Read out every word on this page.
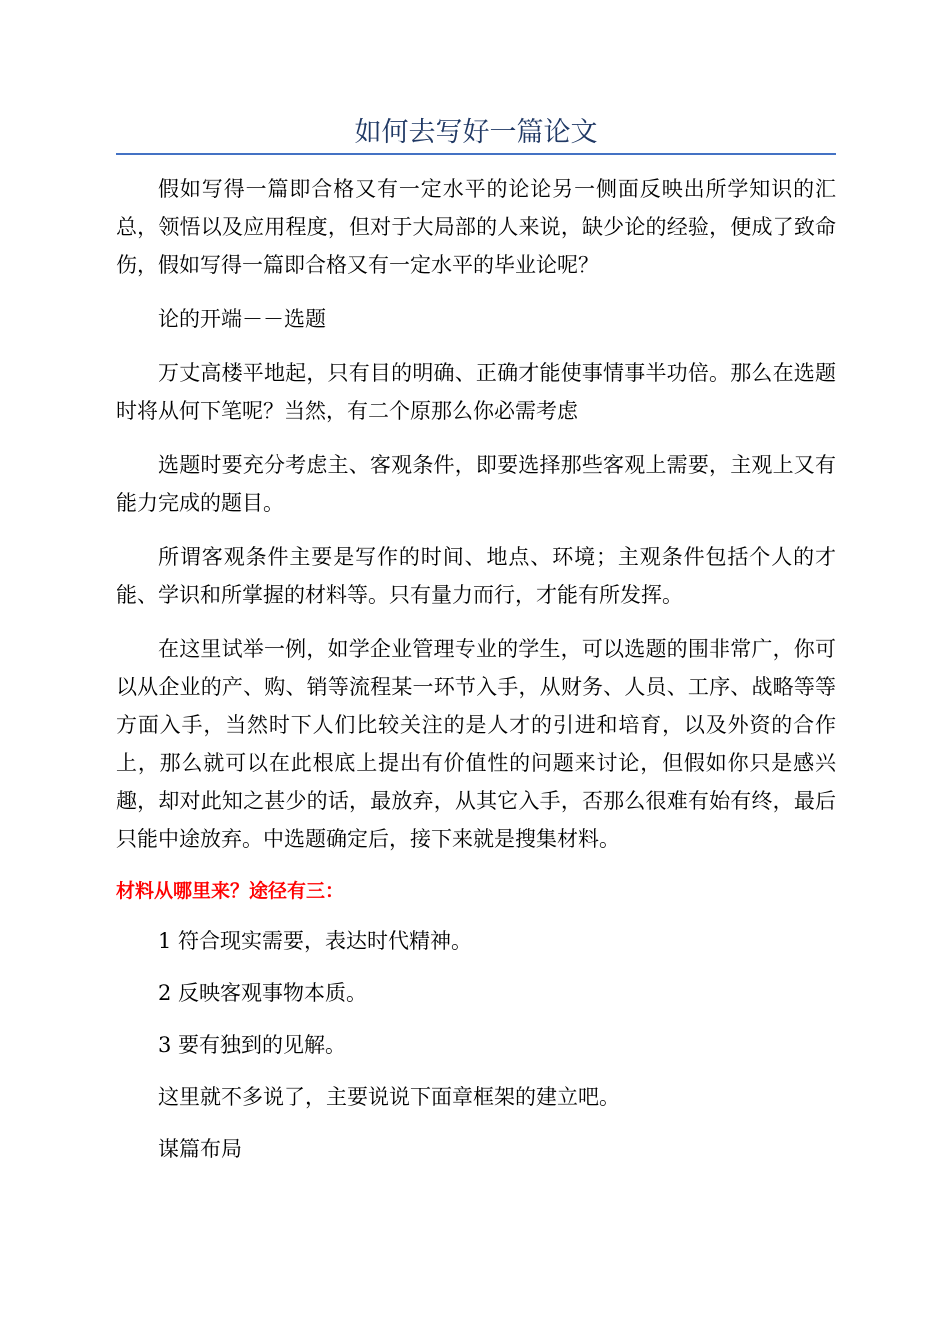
如何去写好一篇论文

假如写得一篇即合格又有一定水平的论论另一侧面反映出所学知识的汇总，领悟以及应用程度，但对于大局部的人来说，缺少论的经验，便成了致命伤，假如写得一篇即合格又有一定水平的毕业论呢？

论的开端－－选题

万丈高楼平地起，只有目的明确、正确才能使事情事半功倍。那么在选题时将从何下笔呢？当然，有二个原那么你必需考虑

选题时要充分考虑主、客观条件，即要选择那些客观上需要，主观上又有能力完成的题目。

所谓客观条件主要是写作的时间、地点、环境；主观条件包括个人的才能、学识和所掌握的材料等。只有量力而行，才能有所发挥。

在这里试举一例，如学企业管理专业的学生，可以选题的围非常广，你可以从企业的产、购、销等流程某一环节入手，从财务、人员、工序、战略等等方面入手，当然时下人们比较关注的是人才的引进和培育，以及外资的合作上，那么就可以在此根底上提出有价值性的问题来讨论，但假如你只是感兴趣，却对此知之甚少的话，最放弃，从其它入手，否那么很难有始有终，最后只能中途放弃。中选题确定后，接下来就是搜集材料。

材料从哪里来？途径有三：

1 符合现实需要，表达时代精神。

2 反映客观事物本质。

3 要有独到的见解。

这里就不多说了，主要说说下面章框架的建立吧。

谋篇布局
